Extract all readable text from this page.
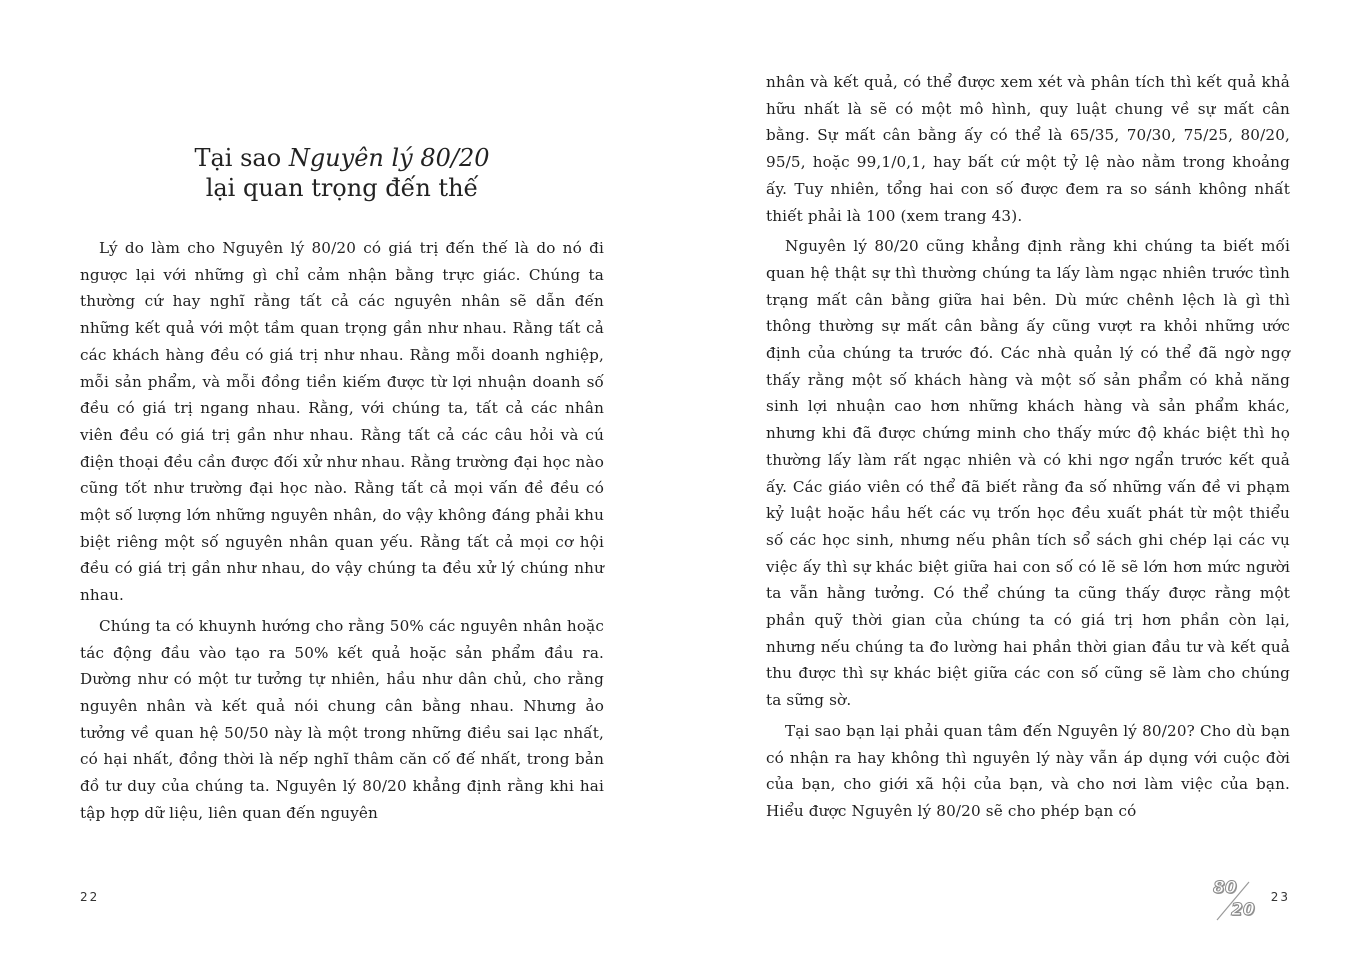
Tại sao Nguyên lý 80/20
lại quan trọng đến thế

Lý do làm cho Nguyên lý 80/20 có giá trị đến thế là do nó đi ngược lại với những gì chỉ cảm nhận bằng trực giác. Chúng ta thường cứ hay nghĩ rằng tất cả các nguyên nhân sẽ dẫn đến những kết quả với một tầm quan trọng gần như nhau. Rằng tất cả các khách hàng đều có giá trị như nhau. Rằng mỗi doanh nghiệp, mỗi sản phẩm, và mỗi đồng tiền kiếm được từ lợi nhuận doanh số đều có giá trị ngang nhau. Rằng, với chúng ta, tất cả các nhân viên đều có giá trị gần như nhau. Rằng tất cả các câu hỏi và cú điện thoại đều cần được đối xử như nhau. Rằng trường đại học nào cũng tốt như trường đại học nào. Rằng tất cả mọi vấn đề đều có một số lượng lớn những nguyên nhân, do vậy không đáng phải khu biệt riêng một số nguyên nhân quan yếu. Rằng tất cả mọi cơ hội đều có giá trị gần như nhau, do vậy chúng ta đều xử lý chúng như nhau.

Chúng ta có khuynh hướng cho rằng 50% các nguyên nhân hoặc tác động đầu vào tạo ra 50% kết quả hoặc sản phẩm đầu ra. Dường như có một tư tưởng tự nhiên, hầu như dân chủ, cho rằng nguyên nhân và kết quả nói chung cân bằng nhau. Nhưng ảo tưởng về quan hệ 50/50 này là một trong những điều sai lạc nhất, có hại nhất, đồng thời là nếp nghĩ thâm căn cố đế nhất, trong bản đồ tư duy của chúng ta. Nguyên lý 80/20 khẳng định rằng khi hai tập hợp dữ liệu, liên quan đến nguyên

22

nhân và kết quả, có thể được xem xét và phân tích thì kết quả khả hữu nhất là sẽ có một mô hình, quy luật chung về sự mất cân bằng. Sự mất cân bằng ấy có thể là 65/35, 70/30, 75/25, 80/20, 95/5, hoặc 99,1/0,1, hay bất cứ một tỷ lệ nào nằm trong khoảng ấy. Tuy nhiên, tổng hai con số được đem ra so sánh không nhất thiết phải là 100 (xem trang 43).

Nguyên lý 80/20 cũng khẳng định rằng khi chúng ta biết mối quan hệ thật sự thì thường chúng ta lấy làm ngạc nhiên trước tình trạng mất cân bằng giữa hai bên. Dù mức chênh lệch là gì thì thông thường sự mất cân bằng ấy cũng vượt ra khỏi những ước định của chúng ta trước đó. Các nhà quản lý có thể đã ngờ ngợ thấy rằng một số khách hàng và một số sản phẩm có khả năng sinh lợi nhuận cao hơn những khách hàng và sản phẩm khác, nhưng khi đã được chứng minh cho thấy mức độ khác biệt thì họ thường lấy làm rất ngạc nhiên và có khi ngơ ngẩn trước kết quả ấy. Các giáo viên có thể đã biết rằng đa số những vấn đề vi phạm kỷ luật hoặc hầu hết các vụ trốn học đều xuất phát từ một thiểu số các học sinh, nhưng nếu phân tích sổ sách ghi chép lại các vụ việc ấy thì sự khác biệt giữa hai con số có lẽ sẽ lớn hơn mức người ta vẫn hằng tưởng. Có thể chúng ta cũng thấy được rằng một phần quỹ thời gian của chúng ta có giá trị hơn phần còn lại, nhưng nếu chúng ta đo lường hai phần thời gian đầu tư và kết quả thu được thì sự khác biệt giữa các con số cũng sẽ làm cho chúng ta sững sờ.

Tại sao bạn lại phải quan tâm đến Nguyên lý 80/20? Cho dù bạn có nhận ra hay không thì nguyên lý này vẫn áp dụng với cuộc đời của bạn, cho giới xã hội của bạn, và cho nơi làm việc của bạn. Hiểu được Nguyên lý 80/20 sẽ cho phép bạn có

80
20
23
